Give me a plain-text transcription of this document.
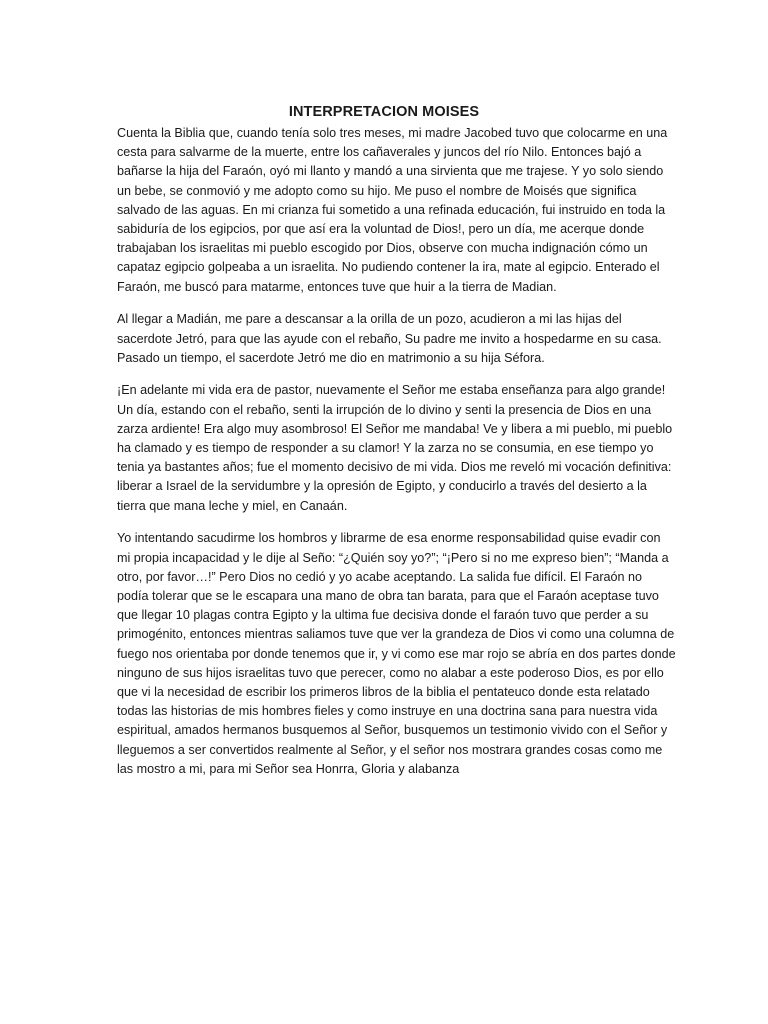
INTERPRETACION MOISES

Cuenta la Biblia que, cuando tenía solo tres meses, mi madre Jacobed tuvo que colocarme en una cesta para salvarme de la muerte, entre los cañaverales y juncos del río Nilo. Entonces bajó a bañarse la hija del Faraón, oyó mi llanto y mandó a una sirvienta que me trajese. Y yo solo siendo un bebe, se conmovió y me adopto como su hijo. Me puso el nombre de Moisés que significa salvado de las aguas. En mi crianza fui sometido a una refinada educación, fui instruido en toda la sabiduría de los egipcios, por que así era la voluntad de Dios!, pero un día, me acerque donde trabajaban los israelitas mi pueblo escogido por Dios, observe con mucha indignación cómo un capataz egipcio golpeaba a un israelita. No pudiendo contener la ira, mate al egipcio. Enterado el Faraón, me buscó para matarme, entonces tuve que huir a la tierra de Madian.

Al llegar a Madián, me pare a descansar a la orilla de un pozo, acudieron a mi las hijas del sacerdote Jetró, para que las ayude con el rebaño, Su padre me invito a hospedarme en su casa. Pasado un tiempo, el sacerdote Jetró me dio en matrimonio a su hija Séfora.

¡En adelante mi vida era de pastor, nuevamente el Señor me estaba enseñanza para algo grande! Un día, estando con el rebaño, senti la irrupción de lo divino y senti la presencia de Dios en una zarza ardiente! Era algo muy asombroso! El Señor me mandaba! Ve y libera a mi pueblo, mi pueblo ha clamado y es tiempo de responder a su clamor! Y la zarza no se consumia, en ese tiempo yo tenia ya bastantes años; fue el momento decisivo de mi vida. Dios me reveló mi vocación definitiva: liberar a Israel de la servidumbre y la opresión de Egipto, y conducirlo a través del desierto a la tierra que mana leche y miel, en Canaán.

Yo intentando sacudirme los hombros y librarme de esa enorme responsabilidad quise evadir con mi propia incapacidad y le dije al Seño: “¿Quién soy yo?”; “¡Pero si no me expreso bien”; “Manda a otro, por favor…!” Pero Dios no cedió y yo acabe aceptando. La salida fue difícil. El Faraón no podía tolerar que se le escapara una mano de obra tan barata, para que el Faraón aceptase tuvo que llegar 10 plagas contra Egipto y la ultima fue decisiva donde el faraón tuvo que perder a su primogénito, entonces mientras saliamos tuve que ver la grandeza de Dios vi como una columna de fuego nos orientaba por donde tenemos que ir, y vi como ese mar rojo se abría en dos partes donde ninguno de sus hijos israelitas tuvo que perecer, como no alabar a este poderoso Dios, es por ello que vi la necesidad de escribir los primeros libros de la biblia el pentateuco donde esta relatado todas las historias de mis hombres fieles y como instruye en una doctrina sana para nuestra vida espiritual, amados hermanos busquemos al Señor, busquemos un testimonio vivido con el Señor y lleguemos a ser convertidos realmente al Señor, y el señor nos mostrara grandes cosas como me las mostro a mi, para mi Señor sea Honrra, Gloria y alabanza
